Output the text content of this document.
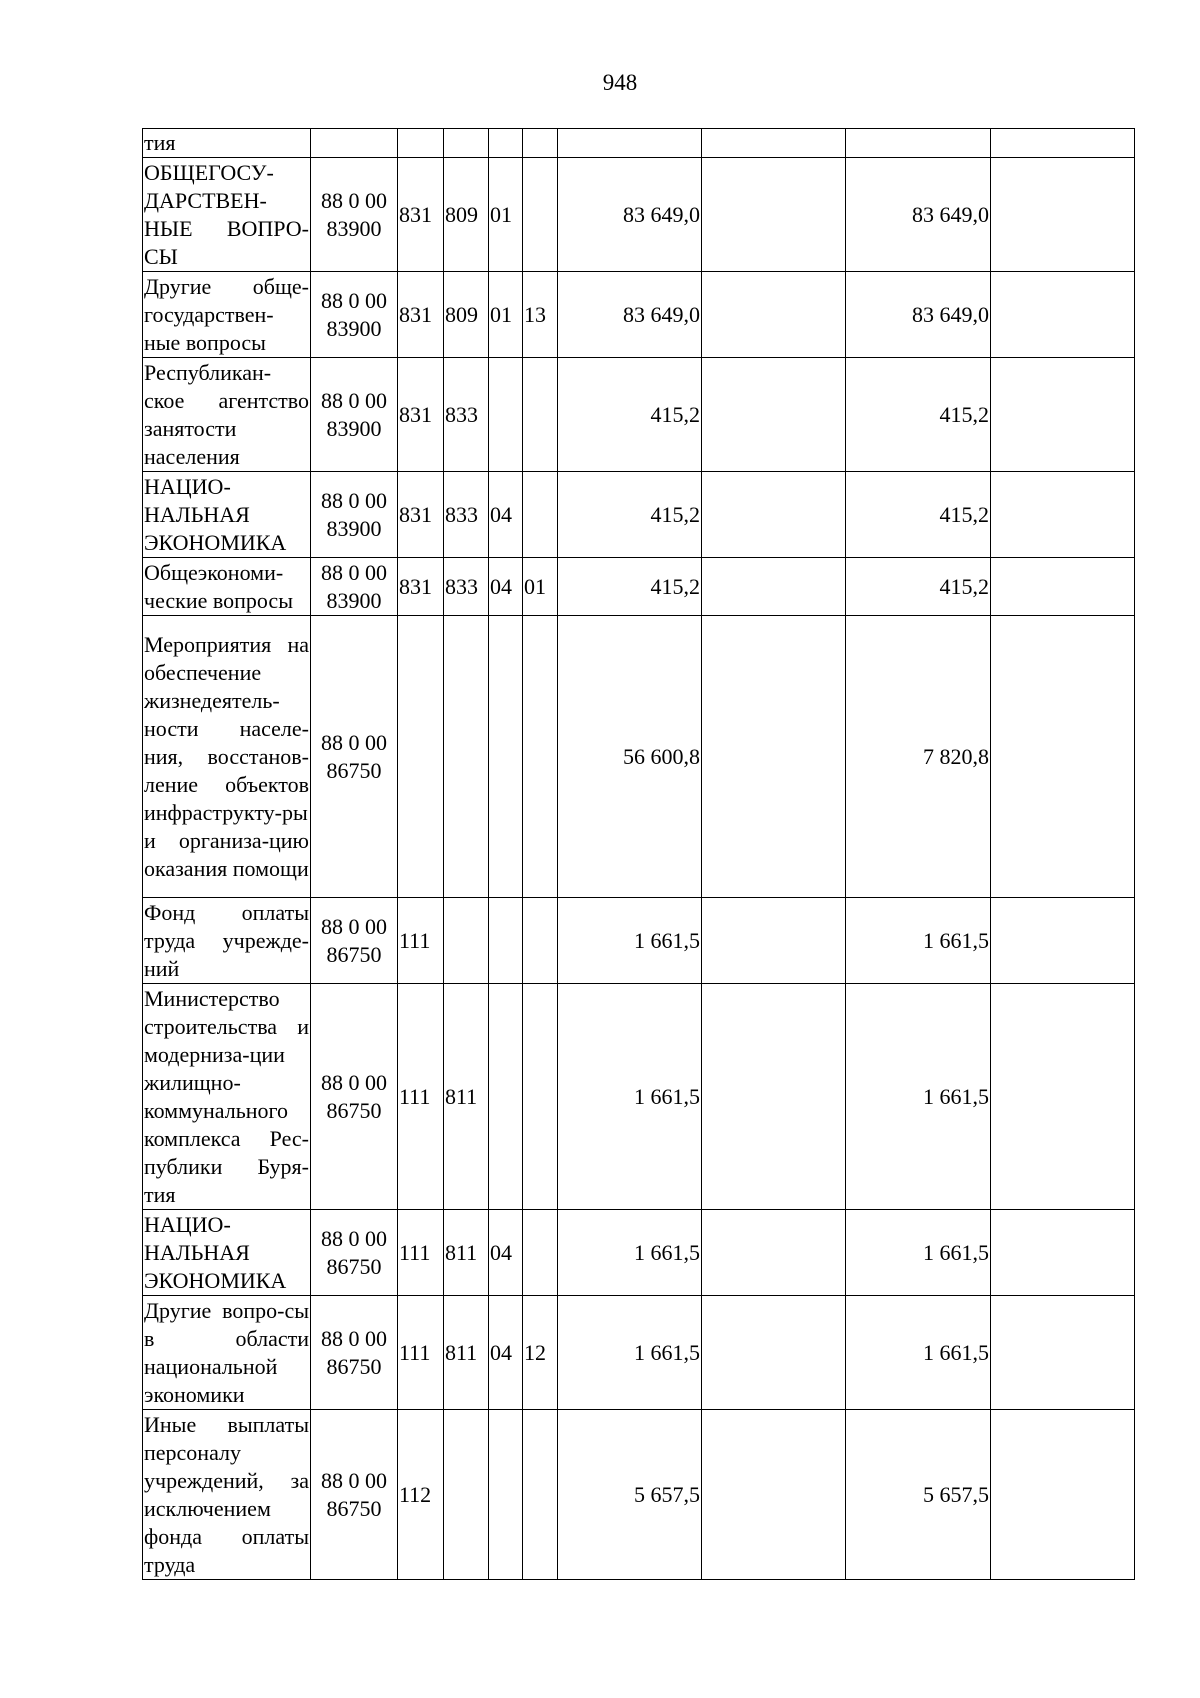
948
тия									
ОБЩЕГОСУ-ДАРСТВЕН-НЫЕ ВОПРО-СЫ	88 0 00 83900	831	809	01		83 649,0		83 649,0	
Другие обще-государствен-ные вопросы	88 0 00 83900	831	809	01	13	83 649,0		83 649,0	
Республикан-ское агентство занятости населения	88 0 00 83900	831	833			415,2		415,2	
НАЦИО-НАЛЬНАЯ ЭКОНОМИКА	88 0 00 83900	831	833	04		415,2		415,2	
Общеэкономи-ческие вопросы	88 0 00 83900	831	833	04	01	415,2		415,2	
Мероприятия на обеспечение жизнедеятель-ности населе-ния, восстанов-ление объектов инфраструкту-ры и организа-цию оказания помощи	88 0 00 86750					56 600,8		7 820,8	
Фонд оплаты труда учрежде-ний	88 0 00 86750	111				1 661,5		1 661,5	
Министерство строительства и модерниза-ции жилищно-коммунального комплекса Рес-публики Буря-тия	88 0 00 86750	111	811			1 661,5		1 661,5	
НАЦИО-НАЛЬНАЯ ЭКОНОМИКА	88 0 00 86750	111	811	04		1 661,5		1 661,5	
Другие вопро-сы в области национальной экономики	88 0 00 86750	111	811	04	12	1 661,5		1 661,5	
Иные выплаты персоналу учреждений, за исключением фонда оплаты труда	88 0 00 86750	112				5 657,5		5 657,5	
